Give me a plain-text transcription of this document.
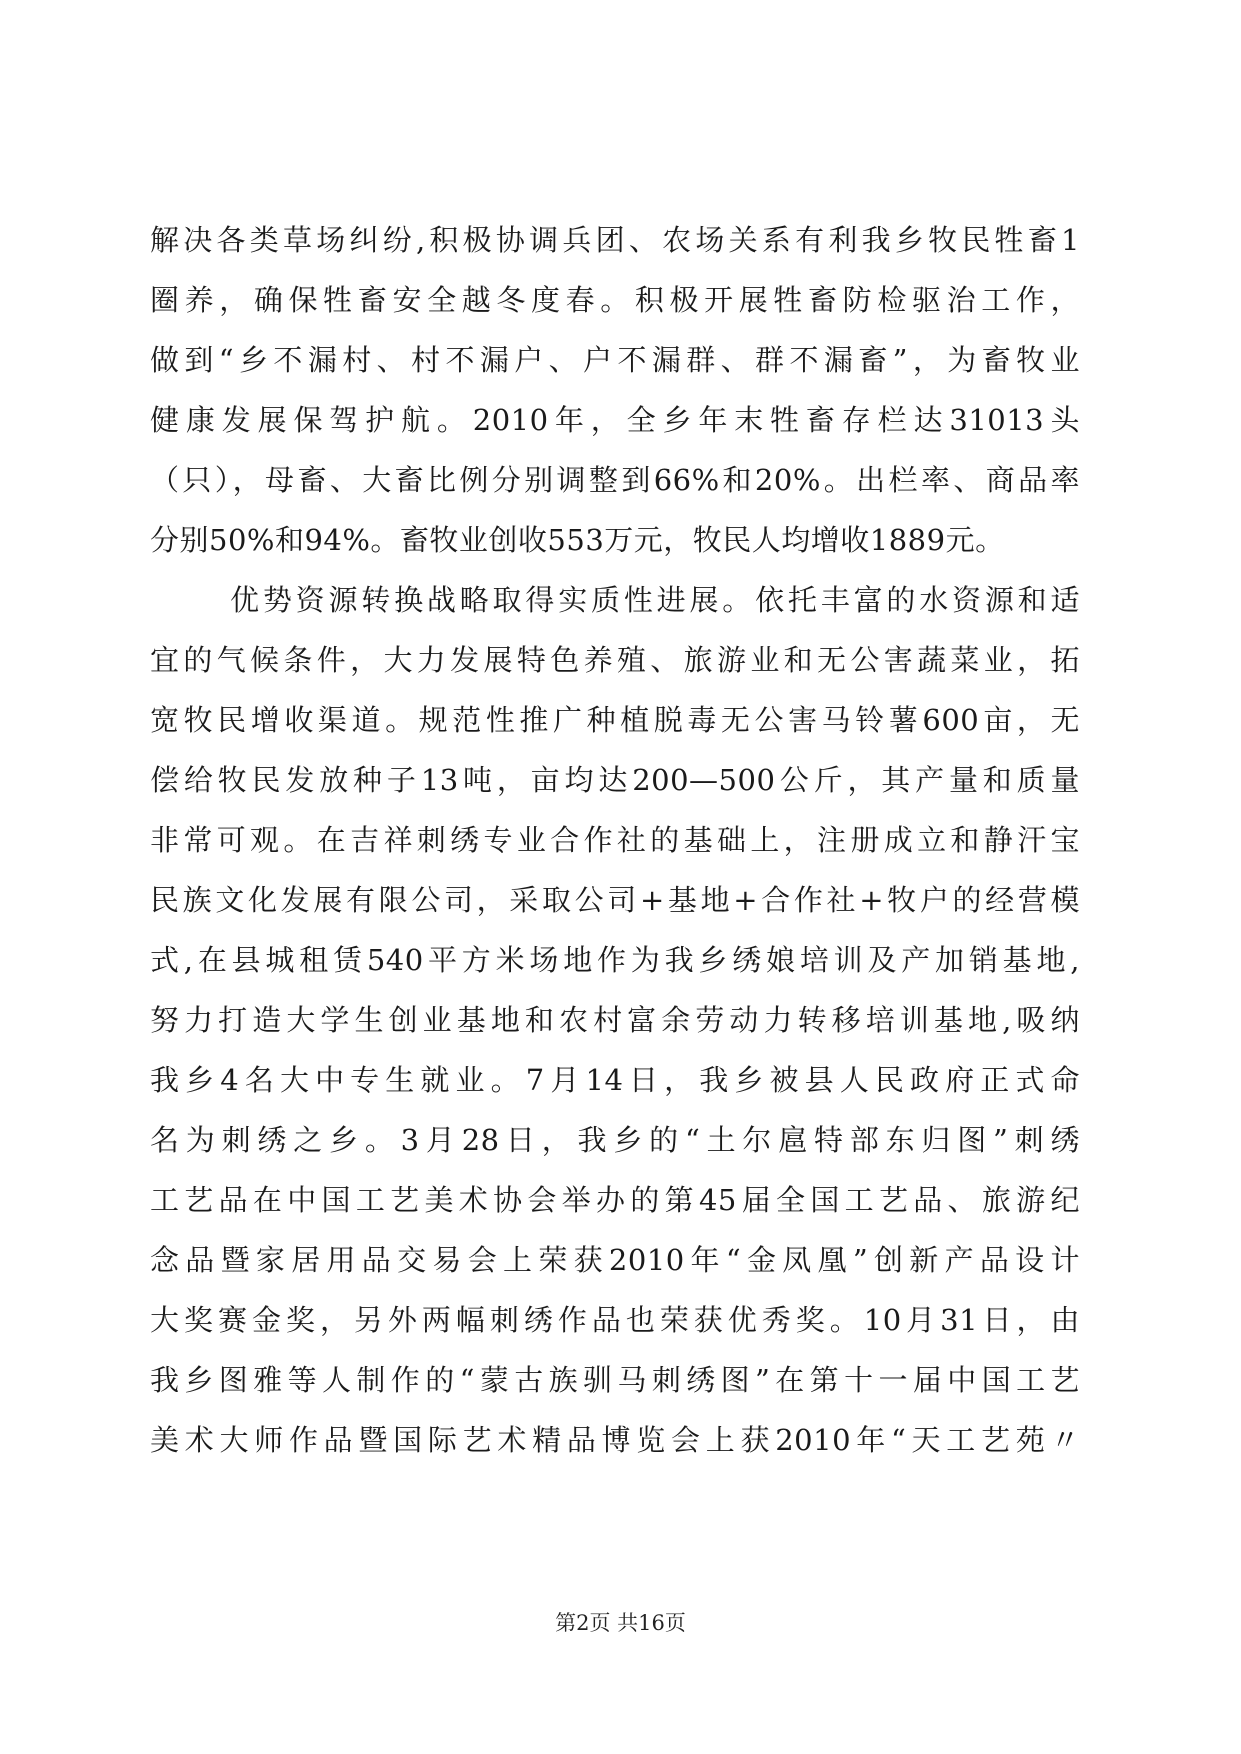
解决各类草场纠纷,积极协调兵团、农场关系有利我乡牧民牲畜1
圈养，确保牲畜安全越冬度春。积极开展牲畜防检驱治工作，
做到“乡不漏村、村不漏户、户不漏群、群不漏畜”，为畜牧业
健康发展保驾护航。2010年，全乡年末牲畜存栏达31013头
（只），母畜、大畜比例分别调整到66%和20%。出栏率、商品率
分别50%和94%。畜牧业创收553万元，牧民人均增收1889元。
优势资源转换战略取得实质性进展。依托丰富的水资源和适
宜的气候条件，大力发展特色养殖、旅游业和无公害蔬菜业，拓
宽牧民增收渠道。规范性推广种植脱毒无公害马铃薯600亩，无
偿给牧民发放种子13吨，亩均达200—500公斤，其产量和质量
非常可观。在吉祥刺绣专业合作社的基础上，注册成立和静汗宝
民族文化发展有限公司，采取公司+基地+合作社+牧户的经营模
式,在县城租赁540平方米场地作为我乡绣娘培训及产加销基地,
努力打造大学生创业基地和农村富余劳动力转移培训基地,吸纳
我乡4名大中专生就业。7月14日，我乡被县人民政府正式命
名为刺绣之乡。3月28日，我乡的“土尔扈特部东归图”刺绣
工艺品在中国工艺美术协会举办的第45届全国工艺品、旅游纪
念品暨家居用品交易会上荣获2010年“金凤凰”创新产品设计
大奖赛金奖，另外两幅刺绣作品也荣获优秀奖。10月31日，由
我乡图雅等人制作的“蒙古族驯马刺绣图”在第十一届中国工艺
美术大师作品暨国际艺术精品博览会上获2010年“天工艺苑〃
第2页 共16页
